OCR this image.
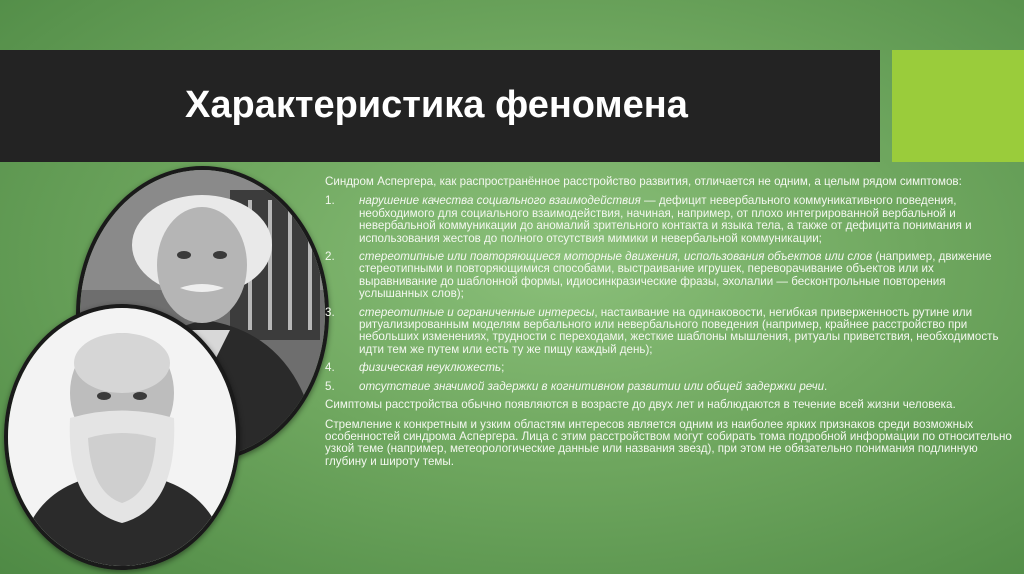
Характеристика феномена

Синдром Аспергера, как распространённое расстройство развития, отличается не одним, а целым рядом симптомов:

1.	нарушение качества социального взаимодействия — дефицит невербального коммуникативного поведения, необходимого для социального взаимодействия, начиная, например, от плохо интегрированной вербальной и невербальной коммуникации до аномалий зрительного контакта и языка тела, а также от дефицита понимания и использования жестов до полного отсутствия мимики и невербальной коммуникации;
2.	стереотипные или повторяющиеся моторные движения, использования объектов или слов (например, движение стереотипными и повторяющимися способами, выстраивание игрушек, переворачивание объектов или их выравнивание до шаблонной формы, идиосинкразические фразы, эхолалии — бесконтрольные повторения услышанных слов);
3.	стереотипные и ограниченные интересы, настаивание на одинаковости, негибкая приверженность рутине или ритуализированным моделям вербального или невербального поведения (например, крайнее расстройство при небольших изменениях, трудности с переходами, жесткие шаблоны мышления, ритуалы приветствия, необходимость идти тем же путем или есть ту же пищу каждый день);
4.	физическая неуклюжесть;
5.	отсутствие значимой задержки в когнитивном развитии или общей задержки речи.

Симптомы расстройства обычно появляются в возрасте до двух лет и наблюдаются в течение всей жизни человека.

Стремление к конкретным и узким областям интересов является одним из наиболее ярких признаков среди возможных особенностей синдрома Аспергера. Лица с этим расстройством могут собирать тома подробной информации по относительно узкой теме (например, метеорологические данные или названия звезд), при этом не обязательно понимания подлинную глубину и широту темы.
